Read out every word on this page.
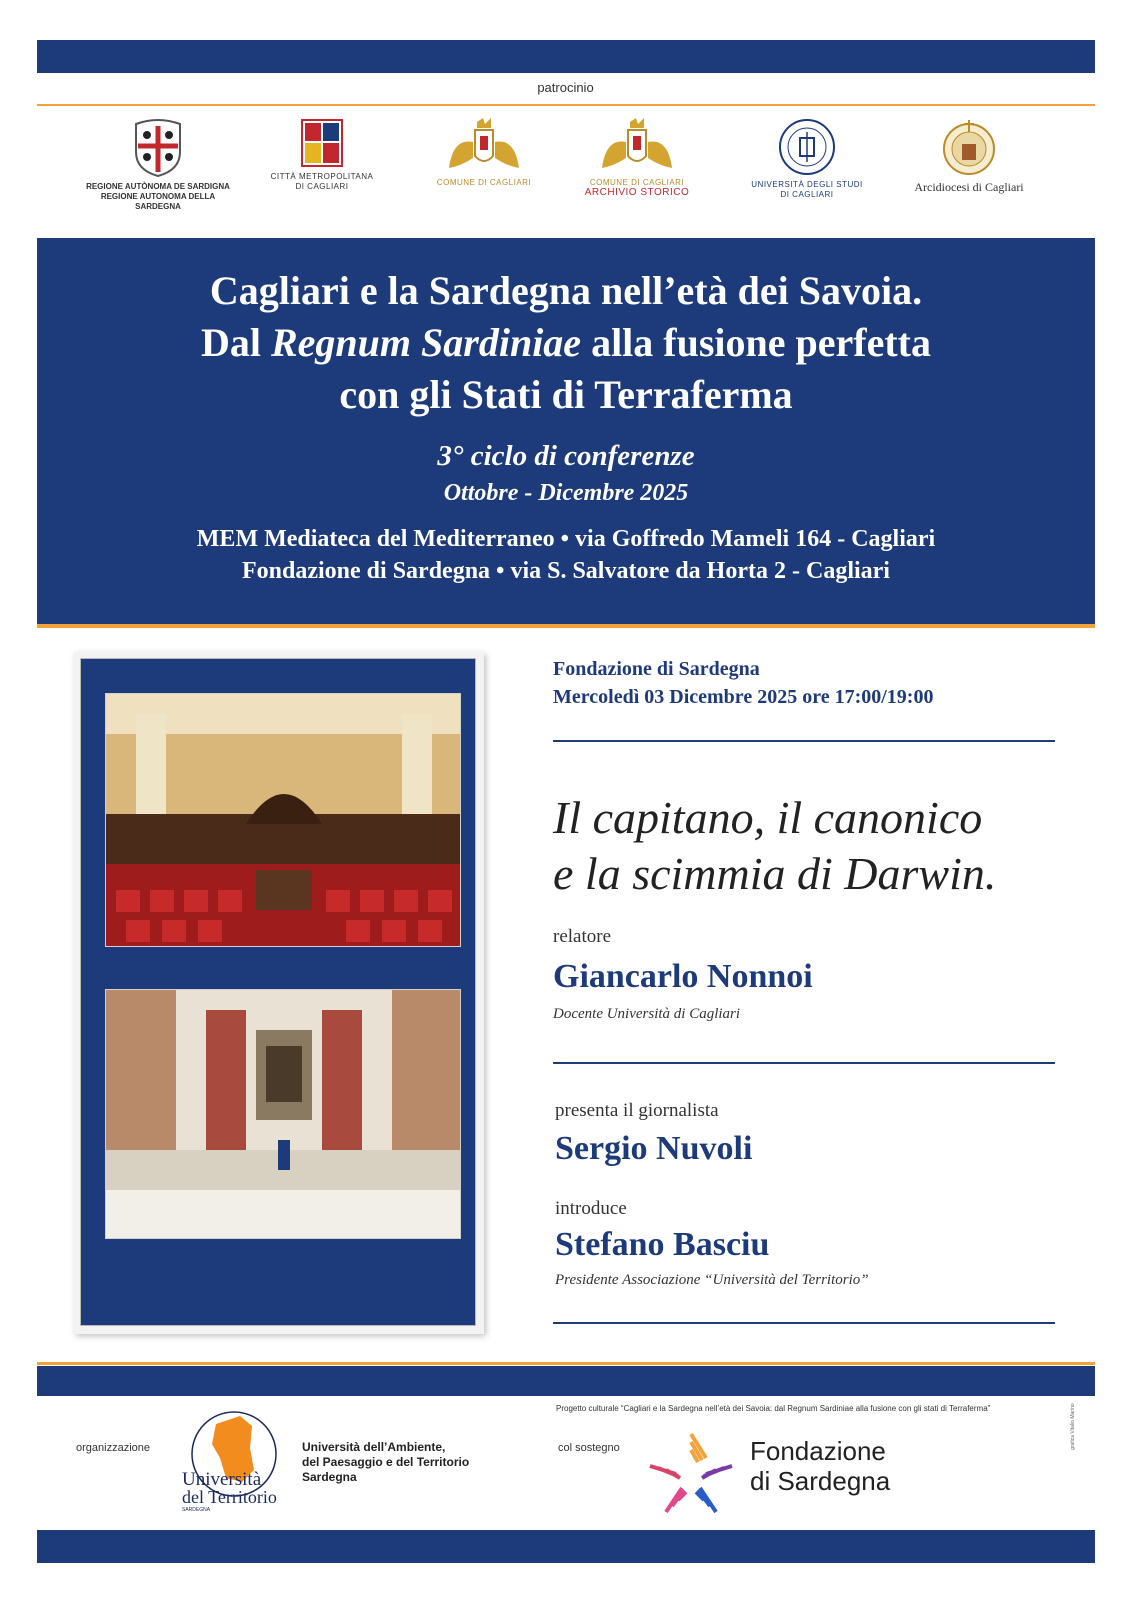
patrocinio
REGIONE AUTÒNOMA DE SARDIGNA
REGIONE AUTONOMA DELLA SARDEGNA
CITTÀ METROPOLITANA
DI CAGLIARI	COMUNE DI CAGLIARI	COMUNE DI CAGLIARI
ARCHIVIO STORICO
UNIVERSITÀ DEGLI STUDI
DI CAGLIARI
Arcidiocesi di Cagliari
Cagliari e la Sardegna nell’età dei Savoia.
Dal Regnum Sardiniae alla fusione perfetta
con gli Stati di Terraferma
3° ciclo di conferenze
Ottobre - Dicembre 2025
MEM Mediateca del Mediterraneo • via Goffredo Mameli 164 - Cagliari
Fondazione di Sardegna • via S. Salvatore da Horta 2 - Cagliari
Fondazione di Sardegna
Mercoledì 03 Dicembre 2025 ore 17:00/19:00
Il capitano, il canonico
e la scimmia di Darwin.
relatore
Giancarlo Nonnoi
Docente Università di Cagliari
presenta il giornalista
Sergio Nuvoli
introduce
Stefano Basciu
Presidente Associazione “Università del Territorio”
Progetto culturale “Cagliari e la Sardegna nell’età dei Savoia: dal Regnum Sardiniae alla fusione con gli stati di Terraferma”
organizzazione
Università
del Territorio
SARDEGNA
Università dell’Ambiente,
del Paesaggio e del Territorio
Sardegna
col sostegno	Fondazione
di Sardegna
grafica Vitalio Marino
